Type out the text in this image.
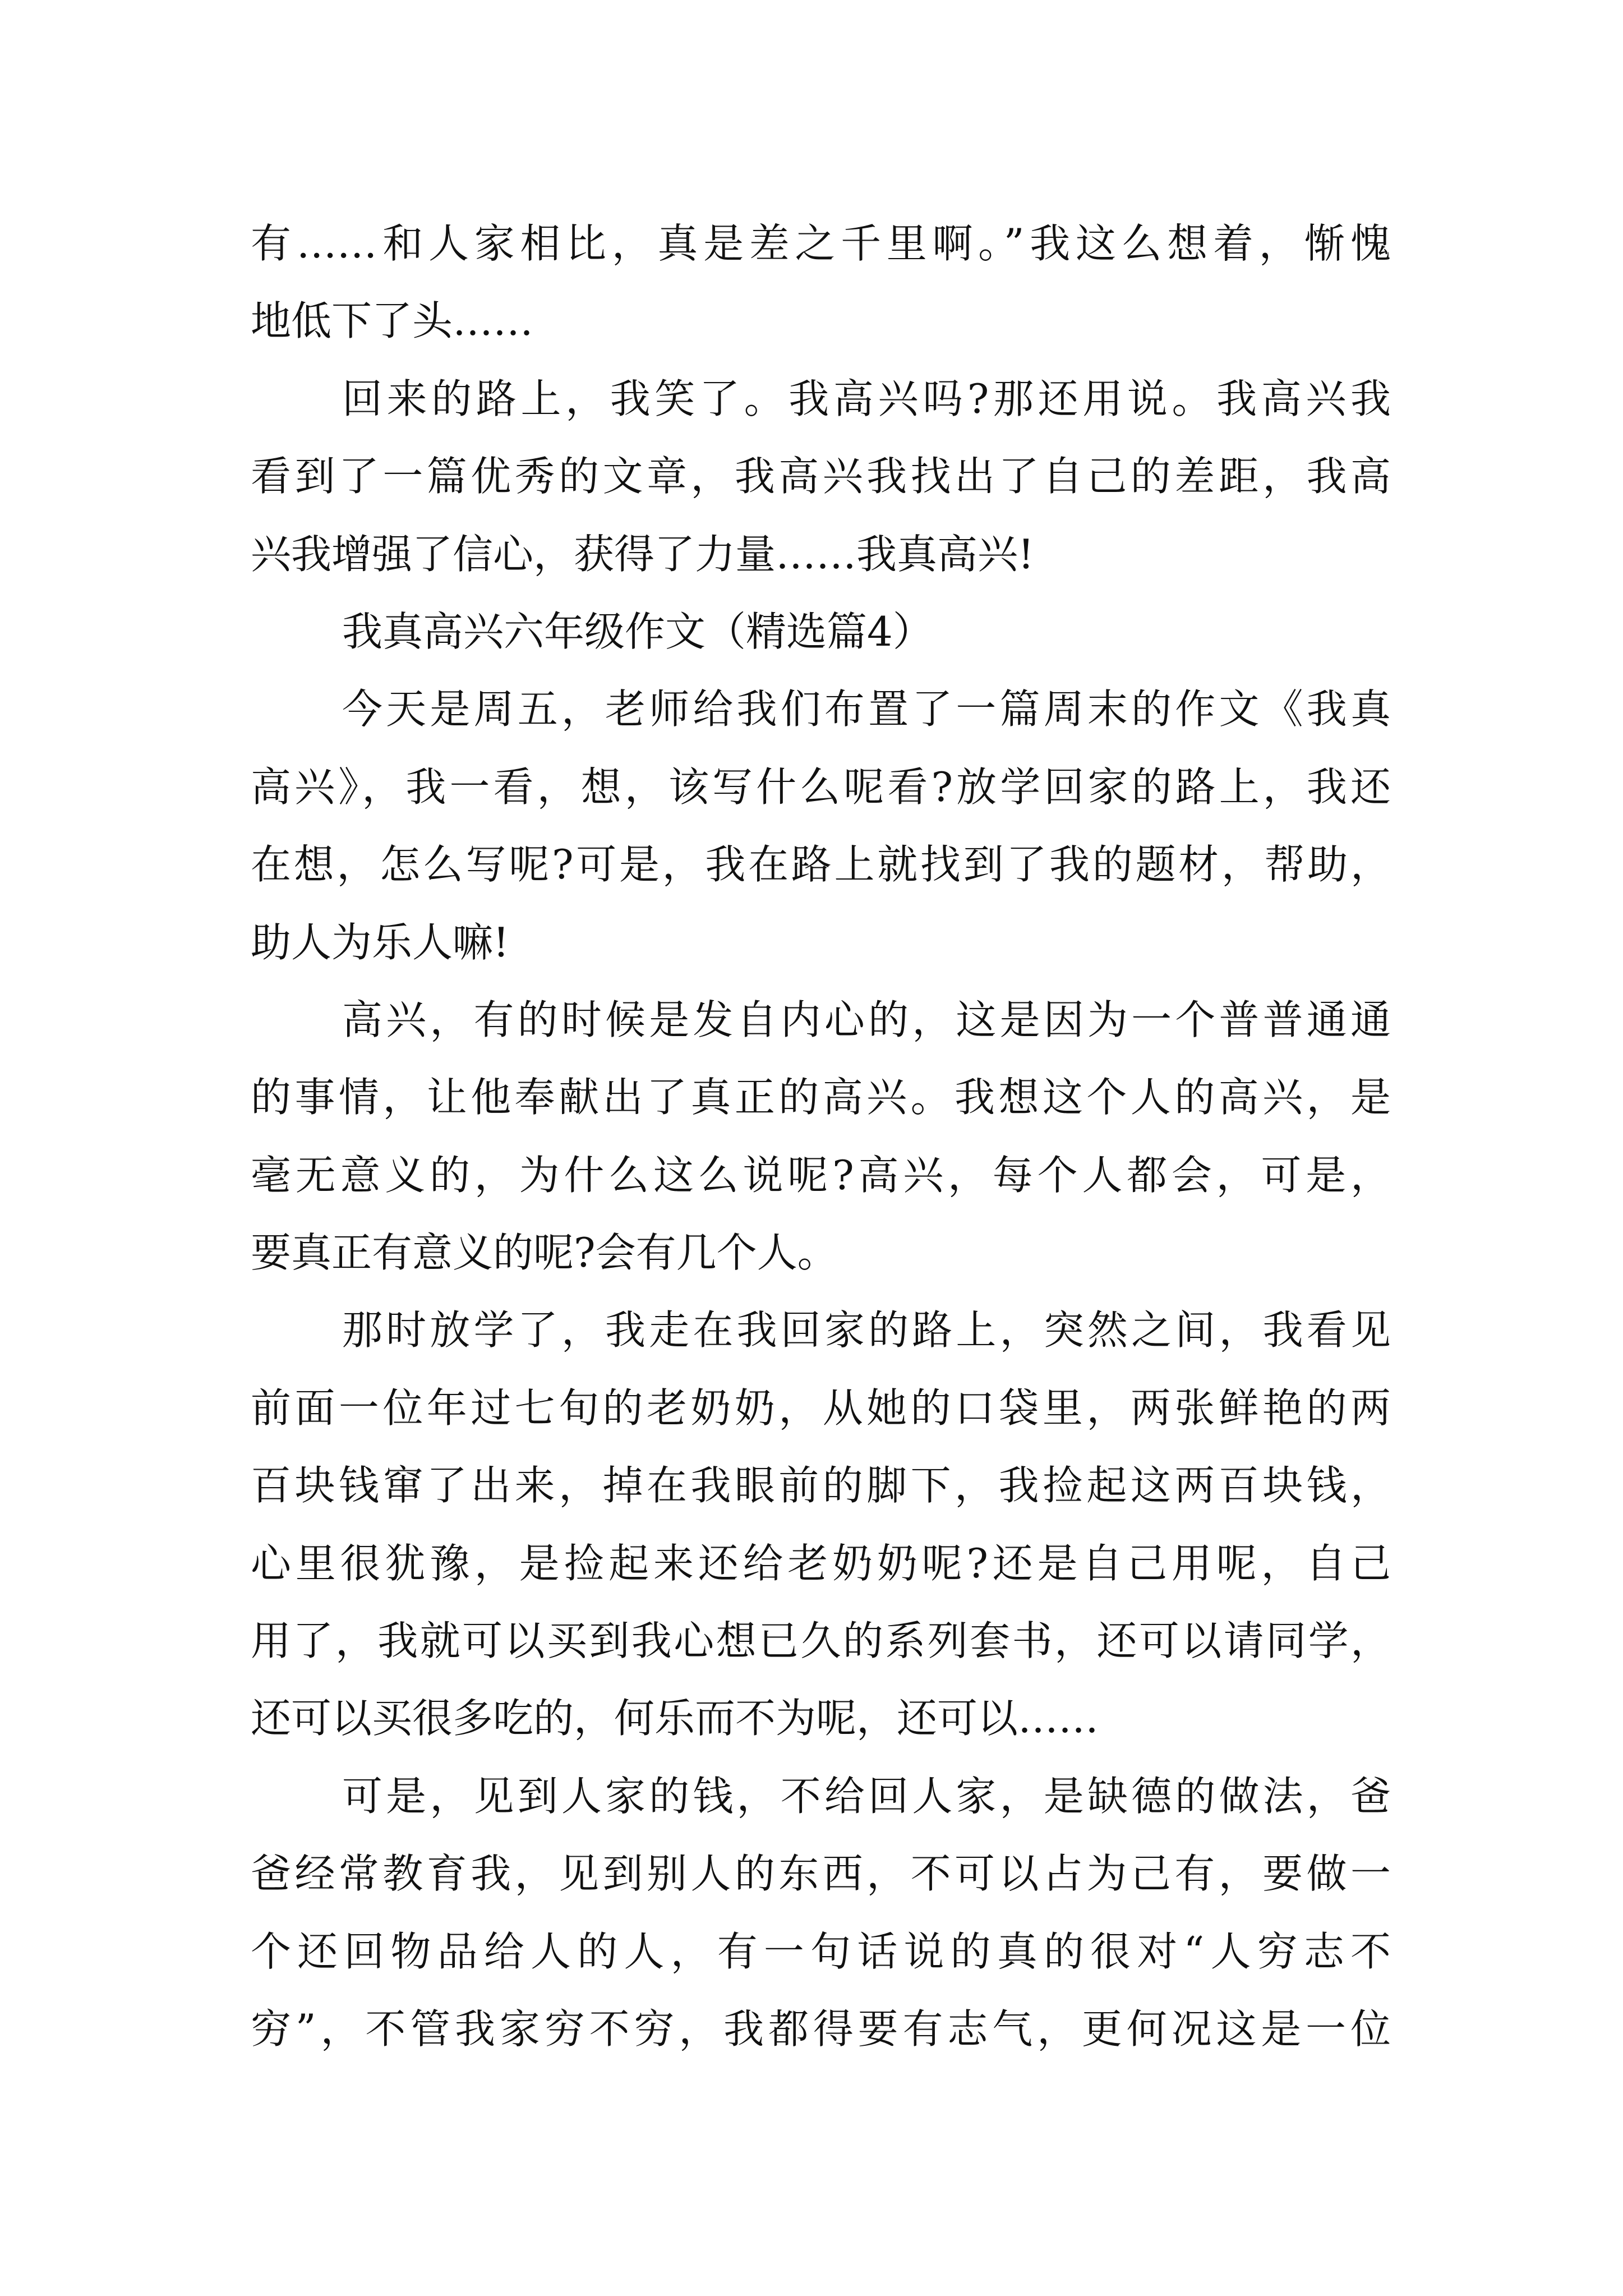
有……和人家相比，真是差之千里啊。”我这么想着，惭愧
地低下了头……
回来的路上，我笑了。我高兴吗?那还用说。我高兴我
看到了一篇优秀的文章，我高兴我找出了自己的差距，我高
兴我增强了信心，获得了力量……我真高兴!
我真高兴六年级作文（精选篇4）
今天是周五，老师给我们布置了一篇周末的作文《我真
高兴》，我一看，想，该写什么呢看?放学回家的路上，我还
在想，怎么写呢?可是，我在路上就找到了我的题材，帮助，
助人为乐人嘛!
高兴，有的时候是发自内心的，这是因为一个普普通通
的事情，让他奉献出了真正的高兴。我想这个人的高兴，是
毫无意义的，为什么这么说呢?高兴，每个人都会，可是，
要真正有意义的呢?会有几个人。
那时放学了，我走在我回家的路上，突然之间，我看见
前面一位年过七旬的老奶奶，从她的口袋里，两张鲜艳的两
百块钱窜了出来，掉在我眼前的脚下，我捡起这两百块钱，
心里很犹豫，是捡起来还给老奶奶呢?还是自己用呢，自己
用了，我就可以买到我心想已久的系列套书，还可以请同学，
还可以买很多吃的，何乐而不为呢，还可以……
可是，见到人家的钱，不给回人家，是缺德的做法，爸
爸经常教育我，见到别人的东西，不可以占为己有，要做一
个还回物品给人的人，有一句话说的真的很对“人穷志不
穷”，不管我家穷不穷，我都得要有志气，更何况这是一位
